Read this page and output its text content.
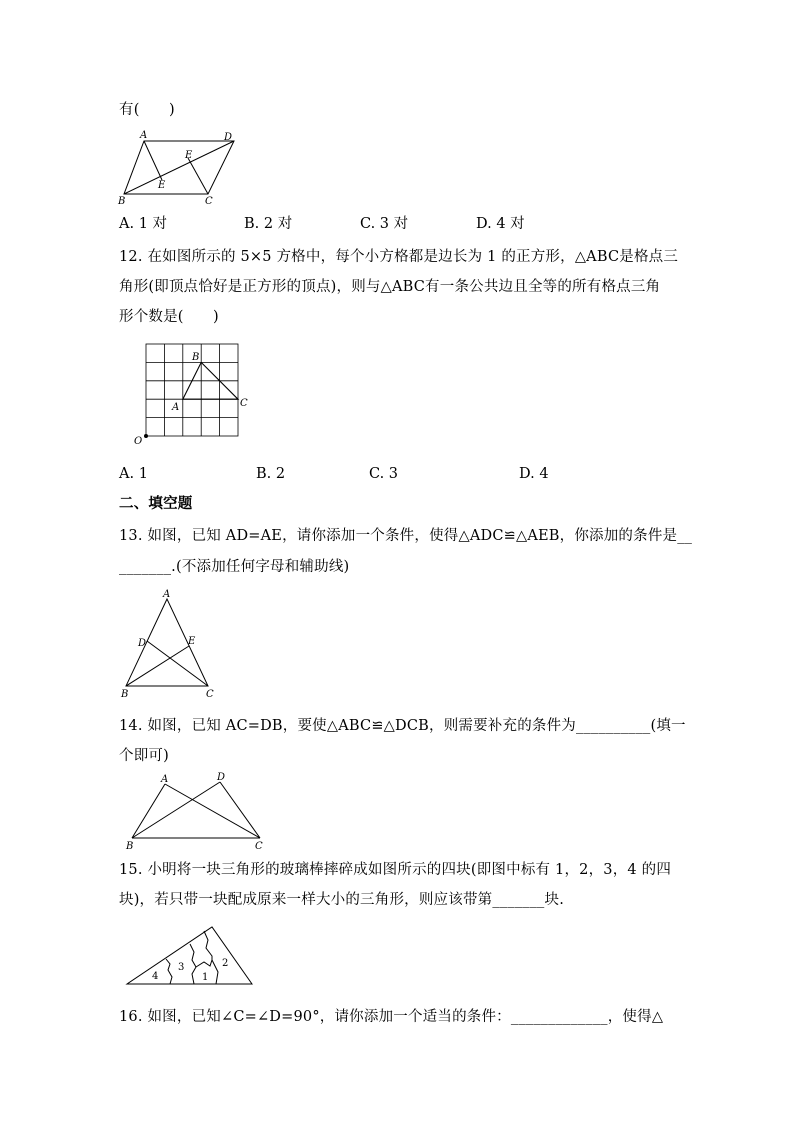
有(　　)
A	D
B	C
E
E
A. 1 对	B. 2 对	C. 3 对	D. 4 对
12. 在如图所示的 5×5 方格中，每个小方格都是边长为 1 的正方形，△ABC是格点三
角形(即顶点恰好是正方形的顶点)，则与△ABC有一条公共边且全等的所有格点三角
形个数是(　　)
B
A	C
O
A. 1	B. 2	C. 3	D. 4
二、填空题
13. 如图，已知 AD=AE，请你添加一个条件，使得△ADC≌△AEB，你添加的条件是__
_______.(不添加任何字母和辅助线)
A
D	E
B	C
14. 如图，已知 AC=DB，要使△ABC≌△DCB，则需要补充的条件为__________(填一
个即可)
A	D
B	C
15. 小明将一块三角形的玻璃棒摔碎成如图所示的四块(即图中标有 1，2，3，4 的四
块)，若只带一块配成原来一样大小的三角形，则应该带第_______块.
4
3
1
2
16. 如图，已知∠C=∠D=90°，请你添加一个适当的条件：_____________，使得△
